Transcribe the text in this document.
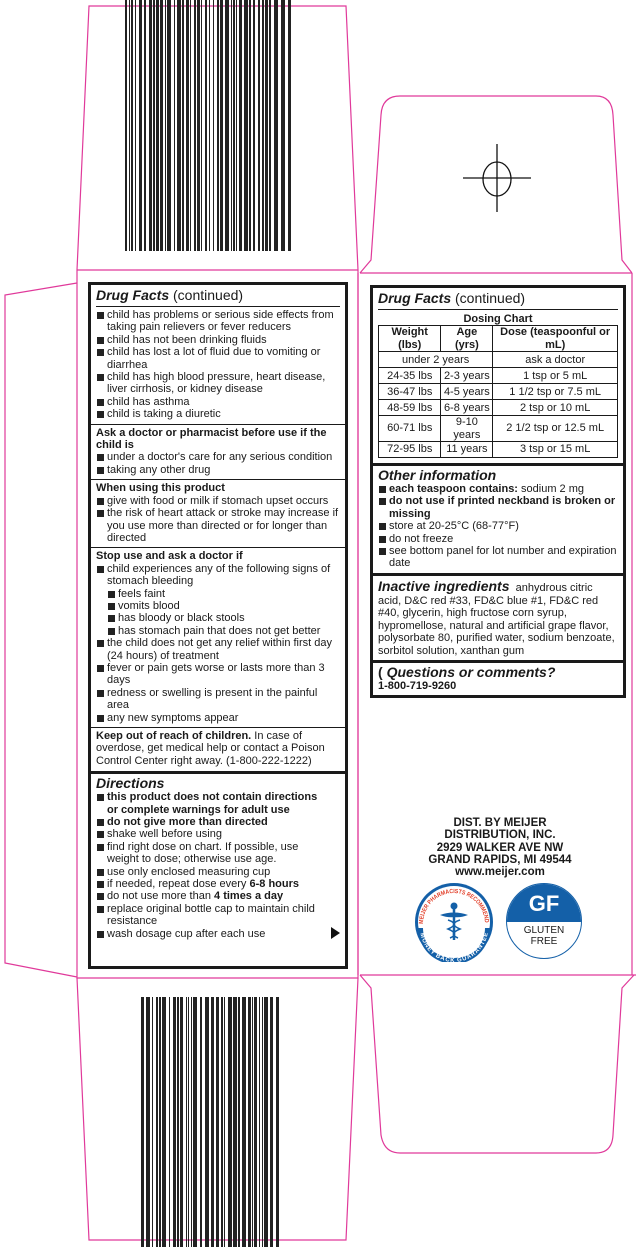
Drug Facts (continued)
child has problems or serious side effects from taking pain relievers or fever reducers
child has not been drinking fluids
child has lost a lot of fluid due to vomiting or diarrhea
child has high blood pressure, heart disease, liver cirrhosis, or kidney disease
child has asthma
child is taking a diuretic
Ask a doctor or pharmacist before use if the child is
under a doctor's care for any serious condition
taking any other drug
When using this product
give with food or milk if stomach upset occurs
the risk of heart attack or stroke may increase if you use more than directed or for longer than directed
Stop use and ask a doctor if
child experiences any of the following signs of stomach bleeding
feels faint
vomits blood
has bloody or black stools
has stomach pain that does not get better
the child does not get any relief within first day (24 hours) of treatment
fever or pain gets worse or lasts more than 3 days
redness or swelling is present in the painful area
any new symptoms appear
Keep out of reach of children. In case of overdose, get medical help or contact a Poison Control Center right away. (1-800-222-1222)
Directions
this product does not contain directions or complete warnings for adult use
do not give more than directed
shake well before using
find right dose on chart. If possible, use weight to dose; otherwise use age.
use only enclosed measuring cup
if needed, repeat dose every 6-8 hours
do not use more than 4 times a day
replace original bottle cap to maintain child resistance
wash dosage cup after each use
Drug Facts (continued)
Dosing Chart
Weight (lbs)	Age (yrs)	Dose (teaspoonful or mL)
under 2 years		ask a doctor
24-35 lbs	2-3 years	1 tsp or 5 mL
36-47 lbs	4-5 years	1 1/2 tsp or 7.5 mL
48-59 lbs	6-8 years	2 tsp or 10 mL
60-71 lbs	9-10 years	2 1/2 tsp or 12.5 mL
72-95 lbs	11 years	3 tsp or 15 mL
Other information
each teaspoon contains: sodium 2 mg
do not use if printed neckband is broken or missing
store at 20-25°C (68-77°F)
do not freeze
see bottom panel for lot number and expiration date
Inactive ingredients anhydrous citric acid, D&C red #33, FD&C blue #1, FD&C red #40, glycerin, high fructose corn syrup, hypromellose, natural and artificial grape flavor, polysorbate 80, purified water, sodium benzoate, sorbitol solution, xanthan gum
( Questions or comments?
1-800-719-9260
DIST. BY MEIJER
DISTRIBUTION, INC.
2929 WALKER AVE NW
GRAND RAPIDS, MI 49544
www.meijer.com
MEIJER PHARMACISTS RECOMMEND
MONEY BACK GUARANTEE
GF
GLUTEN
FREE
